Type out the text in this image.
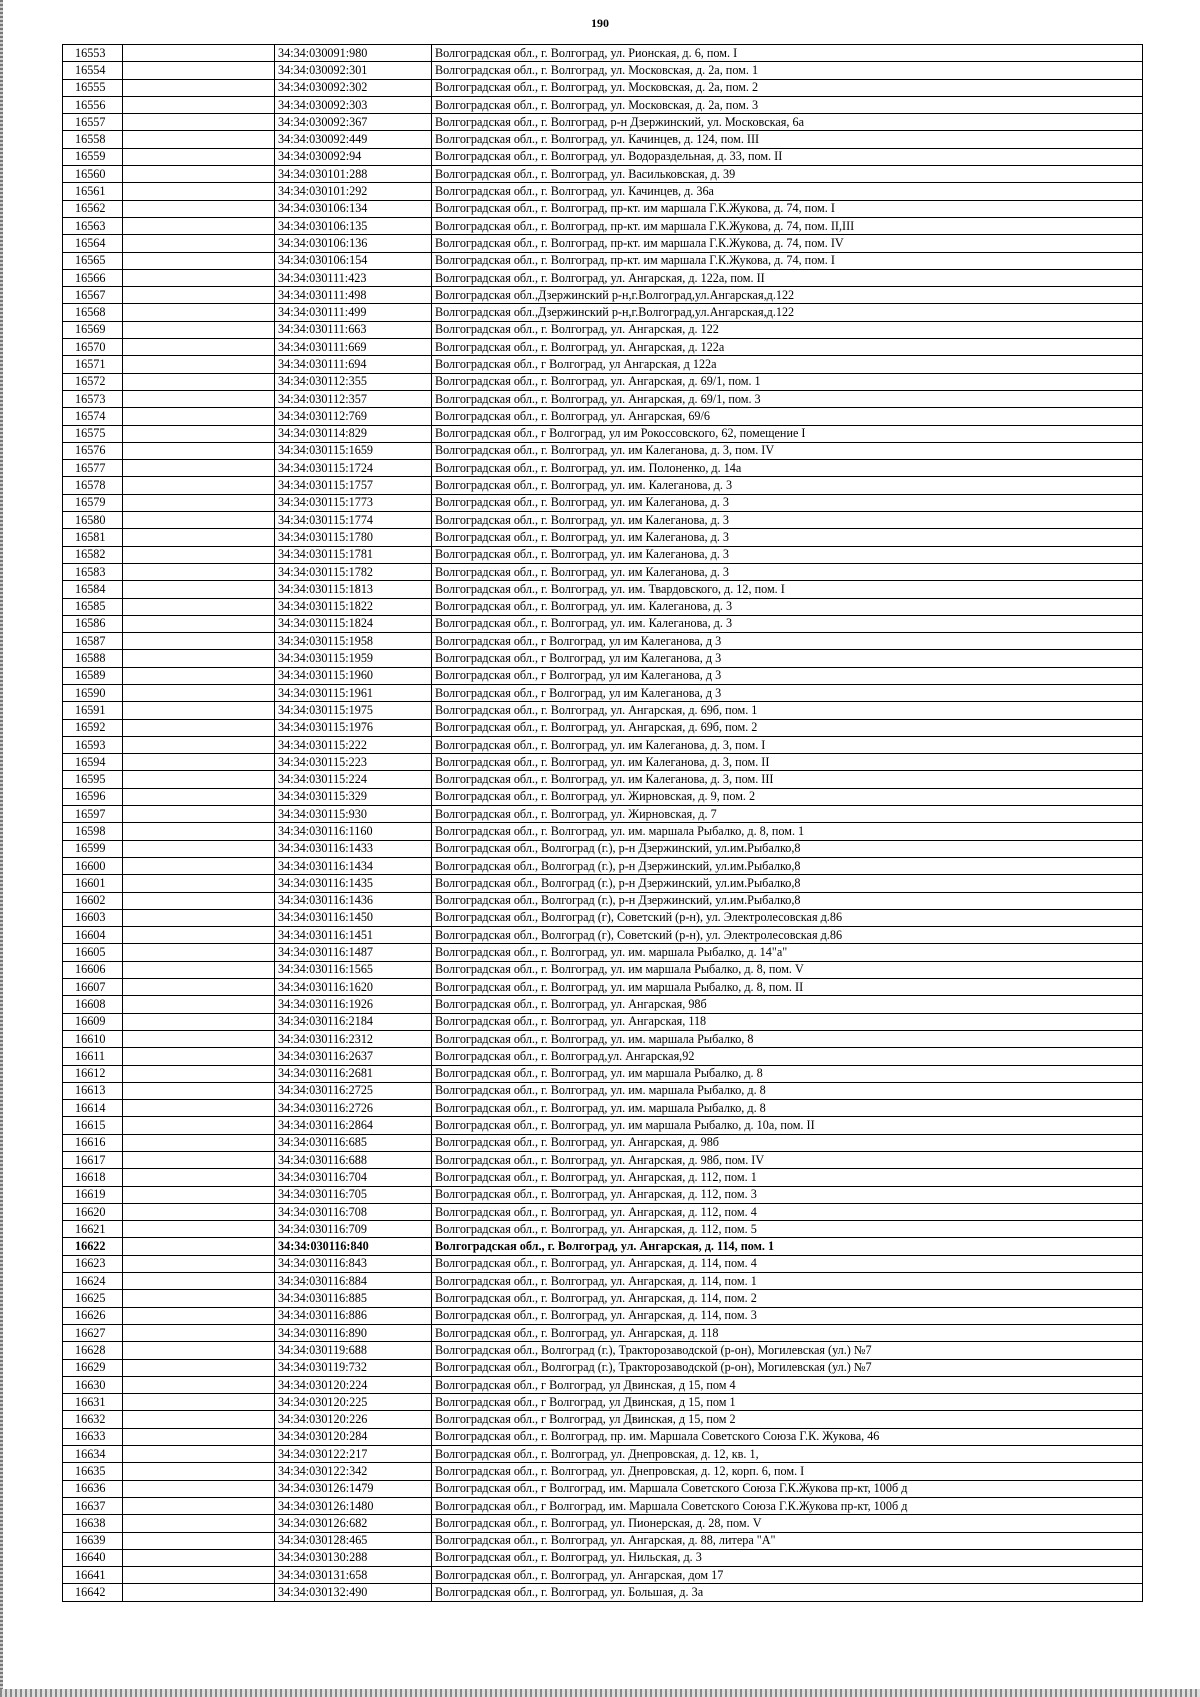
190
16553		34:34:030091:980	Волгоградская обл., г. Волгоград, ул. Рионская, д. 6, пом. I
16554		34:34:030092:301	Волгоградская обл., г. Волгоград, ул. Московская, д. 2а, пом. 1
16555		34:34:030092:302	Волгоградская обл., г. Волгоград, ул. Московская, д. 2а, пом. 2
16556		34:34:030092:303	Волгоградская обл., г. Волгоград, ул. Московская, д. 2а, пом. 3
16557		34:34:030092:367	Волгоградская обл., г. Волгоград, р-н Дзержинский, ул. Московская, 6а
16558		34:34:030092:449	Волгоградская обл., г. Волгоград, ул. Качинцев, д. 124, пом. III
16559		34:34:030092:94	Волгоградская обл., г. Волгоград, ул. Водораздельная, д. 33, пом. II
16560		34:34:030101:288	Волгоградская обл., г. Волгоград, ул. Васильковская, д. 39
16561		34:34:030101:292	Волгоградская обл., г. Волгоград, ул. Качинцев, д. 36а
16562		34:34:030106:134	Волгоградская обл., г. Волгоград, пр-кт. им маршала Г.К.Жукова, д. 74, пом. I
16563		34:34:030106:135	Волгоградская обл., г. Волгоград, пр-кт. им маршала Г.К.Жукова, д. 74, пом. II,III
16564		34:34:030106:136	Волгоградская обл., г. Волгоград, пр-кт. им маршала Г.К.Жукова, д. 74, пом. IV
16565		34:34:030106:154	Волгоградская обл., г. Волгоград, пр-кт. им маршала Г.К.Жукова, д. 74, пом. I
16566		34:34:030111:423	Волгоградская обл., г. Волгоград, ул. Ангарская, д. 122а, пом. II
16567		34:34:030111:498	Волгоградская обл.,Дзержинский р-н,г.Волгоград,ул.Ангарская,д.122
16568		34:34:030111:499	Волгоградская обл.,Дзержинский р-н,г.Волгоград,ул.Ангарская,д.122
16569		34:34:030111:663	Волгоградская обл., г. Волгоград, ул. Ангарская, д. 122
16570		34:34:030111:669	Волгоградская обл., г. Волгоград, ул. Ангарская, д. 122а
16571		34:34:030111:694	Волгоградская обл., г Волгоград, ул Ангарская, д 122а
16572		34:34:030112:355	Волгоградская обл., г. Волгоград, ул. Ангарская, д. 69/1, пом. 1
16573		34:34:030112:357	Волгоградская обл., г. Волгоград, ул. Ангарская, д. 69/1, пом. 3
16574		34:34:030112:769	Волгоградская обл., г. Волгоград, ул. Ангарская, 69/6
16575		34:34:030114:829	Волгоградская обл., г Волгоград, ул им Рокоссовского, 62, помещение I
16576		34:34:030115:1659	Волгоградская обл., г. Волгоград, ул. им Калеганова, д. 3, пом. IV
16577		34:34:030115:1724	Волгоградская обл., г. Волгоград, ул. им. Полоненко, д. 14а
16578		34:34:030115:1757	Волгоградская обл., г. Волгоград, ул. им. Калеганова, д. 3
16579		34:34:030115:1773	Волгоградская обл., г. Волгоград, ул. им Калеганова, д. 3
16580		34:34:030115:1774	Волгоградская обл., г. Волгоград, ул. им Калеганова, д. 3
16581		34:34:030115:1780	Волгоградская обл., г. Волгоград, ул. им Калеганова, д. 3
16582		34:34:030115:1781	Волгоградская обл., г. Волгоград, ул. им Калеганова, д. 3
16583		34:34:030115:1782	Волгоградская обл., г. Волгоград, ул. им Калеганова, д. 3
16584		34:34:030115:1813	Волгоградская обл., г. Волгоград, ул. им. Твардовского, д. 12, пом. I
16585		34:34:030115:1822	Волгоградская обл., г. Волгоград, ул. им. Калеганова, д. 3
16586		34:34:030115:1824	Волгоградская обл., г. Волгоград, ул. им. Калеганова, д. 3
16587		34:34:030115:1958	Волгоградская обл., г Волгоград, ул им Калеганова, д 3
16588		34:34:030115:1959	Волгоградская обл., г Волгоград, ул им Калеганова, д 3
16589		34:34:030115:1960	Волгоградская обл., г Волгоград, ул им Калеганова, д 3
16590		34:34:030115:1961	Волгоградская обл., г Волгоград, ул им Калеганова, д 3
16591		34:34:030115:1975	Волгоградская обл., г. Волгоград, ул. Ангарская, д. 69б, пом. 1
16592		34:34:030115:1976	Волгоградская обл., г. Волгоград, ул. Ангарская, д. 69б, пом. 2
16593		34:34:030115:222	Волгоградская обл., г. Волгоград, ул. им Калеганова, д. 3, пом. I
16594		34:34:030115:223	Волгоградская обл., г. Волгоград, ул. им Калеганова, д. 3, пом. II
16595		34:34:030115:224	Волгоградская обл., г. Волгоград, ул. им Калеганова, д. 3, пом. III
16596		34:34:030115:329	Волгоградская обл., г. Волгоград, ул. Жирновская, д. 9, пом. 2
16597		34:34:030115:930	Волгоградская обл., г. Волгоград, ул. Жирновская, д. 7
16598		34:34:030116:1160	Волгоградская обл., г. Волгоград, ул. им. маршала Рыбалко, д. 8, пом. 1
16599		34:34:030116:1433	Волгоградская обл., Волгоград (г.), р-н Дзержинский, ул.им.Рыбалко,8
16600		34:34:030116:1434	Волгоградская обл., Волгоград (г.), р-н Дзержинский, ул.им.Рыбалко,8
16601		34:34:030116:1435	Волгоградская обл., Волгоград (г.), р-н Дзержинский, ул.им.Рыбалко,8
16602		34:34:030116:1436	Волгоградская обл., Волгоград (г.), р-н Дзержинский, ул.им.Рыбалко,8
16603		34:34:030116:1450	Волгоградская обл., Волгоград (г), Советский (р-н), ул. Электролесовская д.86
16604		34:34:030116:1451	Волгоградская обл., Волгоград (г), Советский (р-н), ул. Электролесовская д.86
16605		34:34:030116:1487	Волгоградская обл., г. Волгоград, ул. им. маршала Рыбалко, д. 14"а"
16606		34:34:030116:1565	Волгоградская обл., г. Волгоград, ул. им маршала Рыбалко, д. 8, пом. V
16607		34:34:030116:1620	Волгоградская обл., г. Волгоград, ул. им маршала Рыбалко, д. 8, пом. II
16608		34:34:030116:1926	Волгоградская обл., г. Волгоград, ул. Ангарская, 98б
16609		34:34:030116:2184	Волгоградская обл., г. Волгоград, ул. Ангарская, 118
16610		34:34:030116:2312	Волгоградская обл., г. Волгоград, ул. им. маршала Рыбалко, 8
16611		34:34:030116:2637	Волгоградская обл., г. Волгоград,ул. Ангарская,92
16612		34:34:030116:2681	Волгоградская обл., г. Волгоград, ул. им маршала Рыбалко, д. 8
16613		34:34:030116:2725	Волгоградская обл., г. Волгоград, ул. им. маршала Рыбалко, д. 8
16614		34:34:030116:2726	Волгоградская обл., г. Волгоград, ул. им. маршала Рыбалко, д. 8
16615		34:34:030116:2864	Волгоградская обл., г. Волгоград, ул. им маршала Рыбалко, д. 10а, пом. II
16616		34:34:030116:685	Волгоградская обл., г. Волгоград, ул. Ангарская, д. 98б
16617		34:34:030116:688	Волгоградская обл., г. Волгоград, ул. Ангарская, д. 98б, пом. IV
16618		34:34:030116:704	Волгоградская обл., г. Волгоград, ул. Ангарская, д. 112, пом. 1
16619		34:34:030116:705	Волгоградская обл., г. Волгоград, ул. Ангарская, д. 112, пом. 3
16620		34:34:030116:708	Волгоградская обл., г. Волгоград, ул. Ангарская, д. 112, пом. 4
16621		34:34:030116:709	Волгоградская обл., г. Волгоград, ул. Ангарская, д. 112, пом. 5
16622		34:34:030116:840	Волгоградская обл., г. Волгоград, ул. Ангарская, д. 114, пом. 1
16623		34:34:030116:843	Волгоградская обл., г. Волгоград, ул. Ангарская, д. 114, пом. 4
16624		34:34:030116:884	Волгоградская обл., г. Волгоград, ул. Ангарская, д. 114, пом. 1
16625		34:34:030116:885	Волгоградская обл., г. Волгоград, ул. Ангарская, д. 114, пом. 2
16626		34:34:030116:886	Волгоградская обл., г. Волгоград, ул. Ангарская, д. 114, пом. 3
16627		34:34:030116:890	Волгоградская обл., г. Волгоград, ул. Ангарская, д. 118
16628		34:34:030119:688	Волгоградская обл., Волгоград (г.), Тракторозаводской (р-он), Могилевская (ул.) №7
16629		34:34:030119:732	Волгоградская обл., Волгоград (г.), Тракторозаводской (р-он), Могилевская (ул.) №7
16630		34:34:030120:224	Волгоградская обл., г Волгоград, ул Двинская, д 15, пом 4
16631		34:34:030120:225	Волгоградская обл., г Волгоград, ул Двинская, д 15, пом 1
16632		34:34:030120:226	Волгоградская обл., г Волгоград, ул Двинская, д 15, пом 2
16633		34:34:030120:284	Волгоградская обл., г. Волгоград, пр. им. Маршала Советского Союза Г.К. Жукова, 46
16634		34:34:030122:217	Волгоградская обл., г. Волгоград, ул. Днепровская, д. 12, кв. 1,
16635		34:34:030122:342	Волгоградская обл., г. Волгоград, ул. Днепровская, д. 12, корп. 6, пом. I
16636		34:34:030126:1479	Волгоградская обл., г Волгоград, им. Маршала Советского Союза Г.К.Жукова пр-кт, 100б д
16637		34:34:030126:1480	Волгоградская обл., г Волгоград, им. Маршала Советского Союза Г.К.Жукова пр-кт, 100б д
16638		34:34:030126:682	Волгоградская обл., г. Волгоград, ул. Пионерская, д. 28, пом. V
16639		34:34:030128:465	Волгоградская обл., г. Волгоград, ул. Ангарская, д. 88, литера "А"
16640		34:34:030130:288	Волгоградская обл., г. Волгоград, ул. Нильская, д. 3
16641		34:34:030131:658	Волгоградская обл., г. Волгоград, ул. Ангарская, дом 17
16642		34:34:030132:490	Волгоградская обл., г. Волгоград, ул. Большая, д. 3а
